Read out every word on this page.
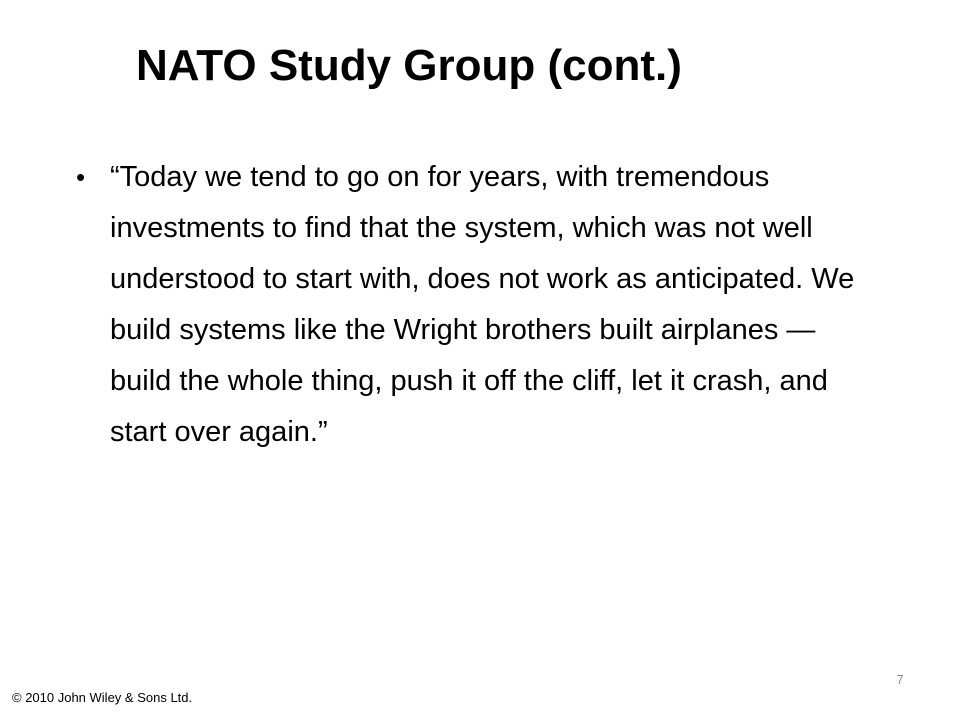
NATO Study Group (cont.)
• “Today we tend to go on for years, with tremendous investments to find that the system, which was not well understood to start with, does not work as anticipated. We build systems like the Wright brothers built airplanes — build the whole thing, push it off the cliff, let it crash, and start over again.”
7
© 2010 John Wiley & Sons Ltd.
